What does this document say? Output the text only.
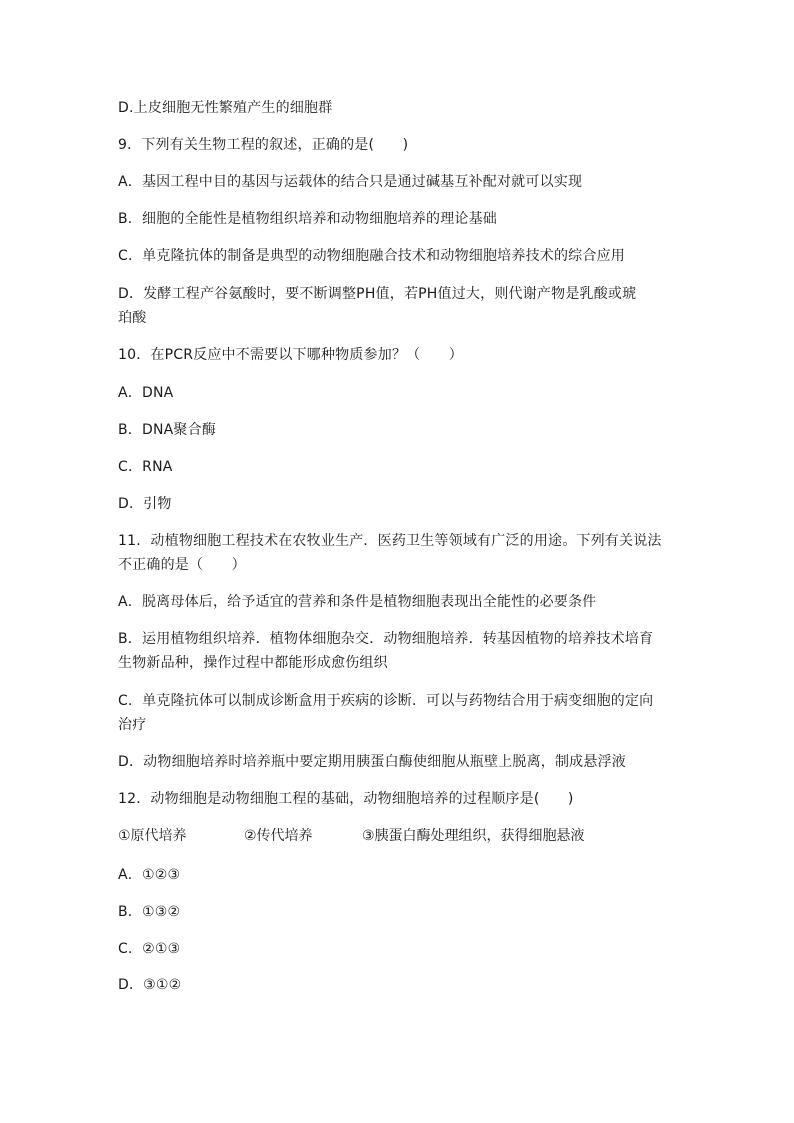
D.上皮细胞无性繁殖产生的细胞群
9．下列有关生物工程的叙述，正确的是(　　)
A．基因工程中目的基因与运载体的结合只是通过碱基互补配对就可以实现
B．细胞的全能性是植物组织培养和动物细胞培养的理论基础
C．单克隆抗体的制备是典型的动物细胞融合技术和动物细胞培养技术的综合应用
D．发酵工程产谷氨酸时，要不断调整PH值，若PH值过大，则代谢产物是乳酸或琥
珀酸
10．在PCR反应中不需要以下哪种物质参加？（　　）
A．DNA
B．DNA聚合酶
C．RNA
D．引物
11．动植物细胞工程技术在农牧业生产．医药卫生等领域有广泛的用途。下列有关说法
不正确的是（　　）
A．脱离母体后，给予适宜的营养和条件是植物细胞表现出全能性的必要条件
B．运用植物组织培养．植物体细胞杂交．动物细胞培养．转基因植物的培养技术培育
生物新品种，操作过程中都能形成愈伤组织
C．单克隆抗体可以制成诊断盒用于疾病的诊断．可以与药物结合用于病变细胞的定向
治疗
D．动物细胞培养时培养瓶中要定期用胰蛋白酶使细胞从瓶壁上脱离，制成悬浮液
12．动物细胞是动物细胞工程的基础，动物细胞培养的过程顺序是(　　)
①原代培养	②传代培养	③胰蛋白酶处理组织，获得细胞悬液
A．①②③
B．①③②
C．②①③
D．③①②
